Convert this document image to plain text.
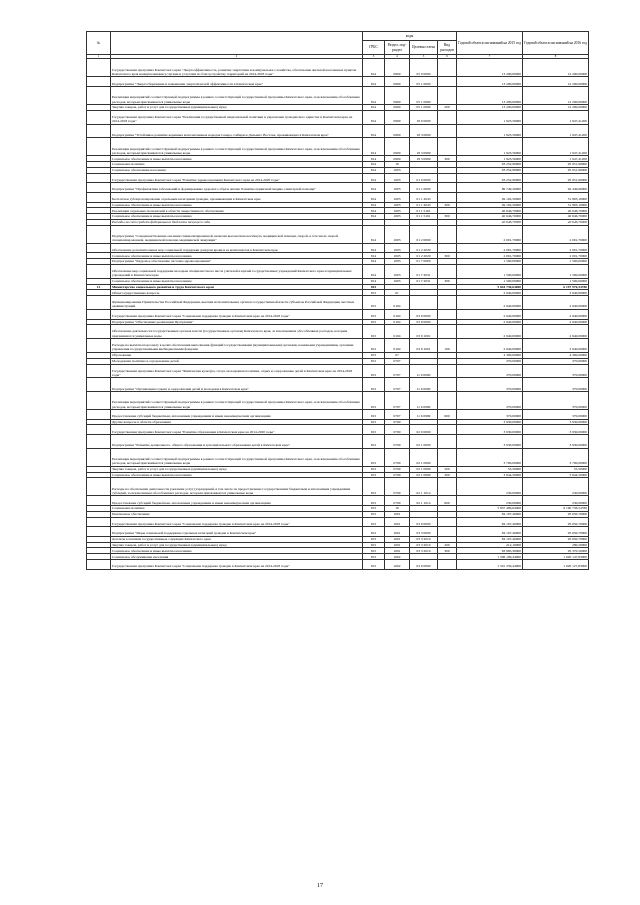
№		коды				Годовой объем ассигнований на 2015 год	Годовой объем ассигнований на 2016 год
		ГРБС	Раздел, под-раздел	Целевая статья	Вид расходов		
1	2	3	4	5	6	7	8
	Государственная программа Камчатского края "Энергоэффективность, развитие энергетики и коммунального хозяйства, обеспечение жителей населенных пунктов Камчатского края коммунальными услугами и услугами по благоустройству территорий на 2014-2018 годы"	814	0909	05 0 0000		13 290,00000	12 200,00000
	Подпрограмма "Энергосбережение и повышение энергетической эффективности в Камчатском крае"	814	0909	05 1 0000		13 290,00000	12 200,00000
	Реализация мероприятий соответствующей подпрограммы в рамках соответствующей государственной программы Камчатского края, за исключением обособленных расходов, которым присваиваются уникальные коды	814	0909	05 1 0999		13 290,00000	12 200,00000
	Закупка товаров, работ и услуг для государственных (муниципальных) нужд	814	0909	05 1 0999	200	13 290,00000	12 200,00000
	Государственная программа Камчатского края "Реализация государственной национальной политики и укрепление гражданского единства в Камчатском крае на 2014-2018 годы"	814	0909	18 0 0000		1 923,56000	1 947,41200
	Подпрограмма "Устойчивое развитие коренных малочисленных народов Севера, Сибири и Дальнего Востока, проживающих в Камчатском крае"	814	0909	18 3 0000		1 923,56000	1 947,41200
	Реализация мероприятий соответствующей подпрограммы в рамках соответствующей государственной программы Камчатского края, за исключением обособленных расходов, которым присваиваются уникальные коды	814	0909	18 3 0999		1 923,56000	1 947,41200
	Социальное обеспечение и иные выплаты населению	814	0909	18 3 0999	300	1 923,56000	1 947,41200
	Социальная политика	814	10			93 252,90000	95 951,90000
	Социальное обеспечение населения	814	1003			93 252,90000	95 951,90000
	Государственная программа Камчатского края "Развитие здравоохранения Камчатского края на 2014-2020 годы"	814	1003	01 0 0000		93 252,90000	95 951,90000
	Подпрограмма "Профилактика заболеваний и формирование здорового образа жизни. Развитие первичной медико-санитарной помощи"	814	1003	01 1 0000		89 749,20000	92 449,60000
	Бесплатное зубопротезирование отдельным категориям граждан, проживающим в Камчатском крае	814	1003	01 1 2043		49 102,50000	51 803,10000
	Социальное обеспечение и иные выплаты населению	814	1003	01 1 2043	300	49 102,50000	51 803,10000
	Реализация отдельных полномочий в области лекарственного обеспечения	814	1003	01 1 5161		40 646,70000	40 646,70000
	Социальное обеспечение и иные выплаты населению	814	1003	01 1 5161	300	40 646,70000	40 646,70000
	Расходы за счет средств федерального бюджета текущего года					40 646,70000	40 646,70000
	Подпрограмма "Совершенствование оказания специализированной, включая высокотехнологичную, медицинской помощи, скорой, в том числе скорой специализированной, медицинской помощи, медицинской эвакуации"	814	1003	01 2 0000		2 001,70000	2 001,70000
	Обеспечение дополнительных мер социальной поддержки донорам крови и ее компонентов в Камчатском крае	814	1003	01 2 2029		2 001,70000	2 001,70000
	Социальное обеспечение и иные выплаты населению	814	1003	01 2 2029	300	2 001,70000	2 001,70000
	Подпрограмма "Кадровое обеспечение системы здравоохранения"	814	1003	01 7 0000		1 500,00000	1 500,00000
	Обеспечение мер социальной поддержки молодым специалистам из числа учителей и врачей государственных учреждений Камчатского края и муниципальных учреждений в Камчатском крае	814	1003	01 7 2031		1 500,00000	1 500,00000
	Социальное обеспечение и иные выплаты населению	814	1003	01 7 2031	300	1 500,00000	1 500,00000
13	Министерство социального развития и труда Камчатского края	815				5 844 730,64000	6 197 976,54780
	Общегосударственные вопросы	815	01			2 940,00000	2 940,00000
	Функционирование Правительства Российской Федерации, высших исполнительных органов государственной власти субъектов Российской Федерации, местных администраций	815	0104			2 940,00000	2 940,00000
	Государственная программа Камчатского края "Социальная поддержка граждан в Камчатском крае на 2014-2018 годы"	815	0104	03 0 0000		2 940,00000	2 940,00000
	Подпрограмма "Обеспечение реализации Программы"	815	0104	03 9 0000		2 940,00000	2 940,00000
	Обеспечение деятельности государственных органов власти (государственных органов) Камчатского края, за исключением обособленных расходов, которым присваиваются уникальные коды	815	0104	03 9 1001		2 940,00000	2 940,00000
	Расходы на выплаты персоналу в целях обеспечения выполнения функций государственными (муниципальными) органами, казенными учреждениями, органами управления государственными внебюджетными фондами	815	0104	03 9 1001	100	2 940,00000	2 940,00000
	Образование	815	07			4 300,00000	4 300,00000
	Молодежная политика и оздоровление детей	815	0707			370,00000	370,00000
	Государственная программа Камчатского края "Физическая культура, спорт, молодежная политика, отдых и оздоровление детей в Камчатском крае на 2014-2018 годы"	815	0707	11 0 0000		370,00000	370,00000
	Подпрограмма "Организация отдыха и оздоровления детей и молодежи в Камчатском крае"	815	0707	11 6 0000		370,00000	370,00000
	Реализация мероприятий соответствующей подпрограммы в рамках соответствующей государственной программы Камчатского края, за исключением обособленных расходов, которым присваиваются уникальные коды	815	0707	11 6 0999		370,00000	370,00000
	Предоставление субсидий бюджетным, автономным учреждениям и иным некоммерческим организациям	815	0707	11 6 0999	600	370,00000	370,00000
	Другие вопросы в области образования	815	0709			3 930,00000	3 930,00000
	Государственная программа Камчатского края "Развитие образования в Камчатском крае на 2014-2020 годы"	815	0709	02 0 0000		3 930,00000	3 930,00000
	Подпрограмма "Развитие дошкольного, общего образования и дополнительного образования детей в Камчатском крае"	815	0709	02 1 0000		3 930,00000	3 930,00000
	Реализация мероприятий соответствующей подпрограммы в рамках соответствующей государственной программы Камчатского края, за исключением обособленных расходов, которым присваиваются уникальные коды	815	0709	02 1 0999		3 700,00000	3 700,00000
	Закупка товаров, работ и услуг для государственных (муниципальных) нужд	815	0709	02 1 0999	200	55,50000	55,50000
	Социальное обеспечение и иные выплаты населению	815	0709	02 1 0999	300	3 644,50000	3 644,50000
	Расходы на обеспечение деятельности (оказание услуг) учреждений, в том числе на предоставление государственным бюджетным и автономным учреждениям субсидий, за исключением обособленных расходов, которым присваиваются уникальные коды	815	0709	02 1 1014		230,00000	230,00000
	Предоставление субсидий бюджетным, автономным учреждениям и иным некоммерческим организациям	815	0709	02 1 1014	600	230,00000	230,00000
	Социальная политика	815	10			5 837 490,64000	6 190 736,54780
	Пенсионное обеспечение	815	1001			84 197,40000	95 650,70000
	Государственная программа Камчатского края "Социальная поддержка граждан в Камчатском крае на 2014-2018 годы"	815	1001	03 0 0000		84 197,40000	95 650,70000
	Подпрограмма "Меры социальной поддержки отдельных категорий граждан в Камчатском крае"	815	1001	03 3 0000		84 197,40000	95 650,70000
	Доплаты к пенсиям государственных служащих Камчатского края	815	1001	03 3 2019		84 197,40000	95 650,70000
	Закупка товаров, работ и услуг для государственных (муниципальных) нужд	815	1001	03 3 2019	200	212,10000	280,20000
	Социальное обеспечение и иные выплаты населению	815	1001	03 3 2019	300	83 985,30000	95 370,50000
	Социальное обслуживание населения	815	1002			1 506 199,44000	1 620 147,83000
	Государственная программа Камчатского края "Социальная поддержка граждан в Камчатском крае на 2014-2018 годы"	815	1002	03 0 0000		1 501 259,44000	1 620 127,83000
17
